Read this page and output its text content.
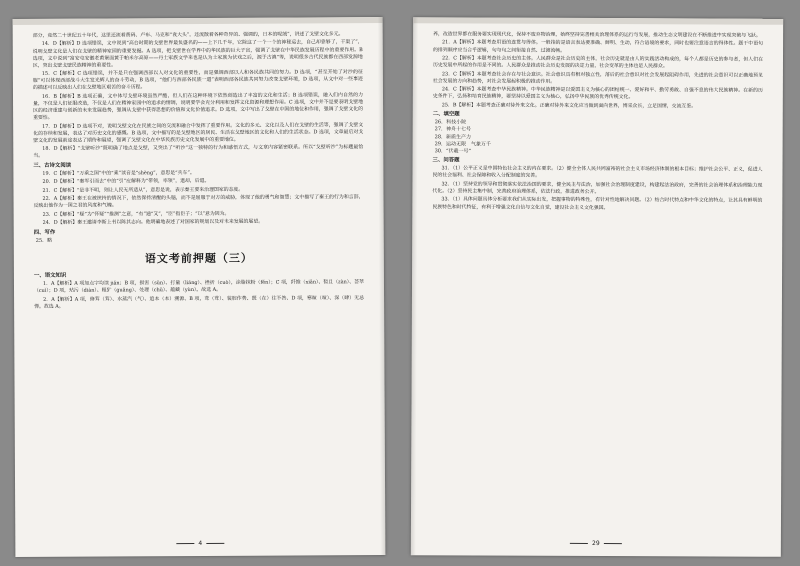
部分，竟然二十世纪五十年代，这里还流着黄码、卢布、马克和“袁大头”，还流散着各种奇异的、强调的，日本的呢绒”，讲述了戈壁文化多元。

14．D【解析】D 选项错误，文中说到“高台时期的戈壁世界最负盛名的——上下几千年，它除这了一个一个的神秘运去，自己却靠够了，干渠了”，说明戈壁文化是人们在戈壁的精神家园的重要发掘。A 选项，把戈壁世在学界中的华民族的巨大子宫，强调了戈壁在中华民族发展历程中的重要作用。B 选项，文中说到“富安屯安徽老黄堡面黄于帕米尔高原——丹土家族文学来也是认为土家族为伏戏之后，源于古滇”等，说明很多古代民族都在西部发源地区，突出戈壁戈壁民族精神的重要性。

15．C【解析】C 选项错误，并不是只在强调西部以人对文化的重要性，而是强调西部以人和各民族共同的努力。D 选项，“甚至开始了对沙的征服”可以体现西部战斗大生发光辉人的奋斗劳动，B 选项，“他们与西部各民族一道”表明西部各民族共同努力改变戈壁环境，D 选项，从文中对一些事迹的描述可以反映出人们在戈壁地区艰苦的奋斗历程。

16．B【解析】B 选项正确，文中体写戈壁环境虽然严酷，但人们在这种环境下依然创造出了丰富的文化和生活；B 选项错误，融入们内自然的力量，不仅是人们征服改造，不仅是人们在精神家园中的追求的情调，说明要学会充分利用和发挥文化资源和理想作用。C 选项，文中并不是要表明戈壁地区的经济重建与创新的未来发展趋势，强调从戈壁中获得思想的价值和文化价值追求。D 选项，文中写出了戈壁在中国的地位和作用，强调了戈壁文化的重要性。

17．D【解析】D 选项不对，说明戈壁文化在民族之间的交流和融合中发挥了重要作用。文化的多元、文化以及人们在戈壁的生活等，强调了戈壁文化的存续和发展，表达了对历史文化的感慨。B 选项，文中描写的是戈壁地区的居民、生活在戈壁地区的文化和人们的生活状态。D 选项，文章最后对戈壁文化的发展前途表达了期待和展望，强调了戈壁文化在中华民族历史文化发展中的重要地位。

18．D【解析】“戈壁听沙”既明确了地点是戈壁，又突出了“听沙”这一独特的行为和感悟方式，与文章内容紧密联系。所以“戈壁听沙”为标题最恰当。

三、古诗文阅读

19．C【解析】“万乘之国”中的“乘”读音是“shèng”，意思是“兵车”。

20．D【解析】“秦军引而去”中的“引”应解释为“带领，率领”，退却，后退。

21．C【解析】“是非不明，则让人民无所适从”，意思是说，表示秦王要来治理国家的态度。

22．A【解析】秦王在被挟持的情况下，依然保持清醒的头脑，而不是屈服于对方的威胁，体现了他的勇气和智慧；文中描写了秦王的行为和言辞，反映出他作为一国之君的风度和气魄。

23．C【解析】“疑”为“怀疑”“推测”之意，“有”通“又”，“臣”指臣子；“以”意为因为。

24．D【解析】秦王邀请李斯上书以陈其志向。他明确地表述了对国家的规划以及对未来发展的展望。

四、写作
25．略
语文考前押题（三）
一、语文知识

1．A【解析】A 项加点字均读 jiǎn；B 项，损害（sǔn）、打量（liáng）、挫折（cuò），涂脂抹粉（fěn）；C 项，纤维（xiān）、暂且（zàn）、荟萃（cuì）；D 项，玷污（diàn）、粗犷（guǎng）、处理（chǔ）、蕴藏（yùn）。故选 A。

2．A【解析】A 项，修茸（茸）、水蒸汽（气）、追本（本）溯源、B 项，茸（茸）、装腔作势、既（在）往不咎、D 项，寒暄（喧）、深（肆）无忌惮。故选 A。

4

养，改造世界都在服务要实现现代化，保持不废弃物治理，始终坚持完善相关治理体系的运行与发展，推动生态文明建设在不断推进中实现突破与飞跃。

21．A【解析】本题考查用语的连贯与得体。一般指的是语言表达要准确、鲜明、生动，符合语境的要求，同时也要注意语言的得体性。题干中语句的排列顺序应当合乎逻辑，句与句之间衔接自然、过渡流畅。

22．C【解析】本题考查社会历史的主体。人民群众是社会历史的主体，社会历史就是由人的实践活动构成的，每个人都是历史的参与者，但人们在历史发展中所起的作用是不同的。人民群众是推动社会历史发展的决定力量，社会变革的主体也是人民群众。

23．C【解析】本题考查社会存在与社会意识。社会意识具有相对独立性，落后的社会意识对社会发展起阻碍作用，先进的社会意识可以正确地预见社会发展的方向和趋势，对社会发展起积极的推动作用。

24．C【解析】本题考查中华民族精神。中华民族精神是以爱国主义为核心的团结统一、爱好和平、勤劳勇敢、自强不息的伟大民族精神。在新的历史条件下，弘扬和培育民族精神，要坚持以爱国主义为核心，弘扬中华民族的优秀传统文化。

25．B【解析】本题考查正确对待外来文化。正确对待外来文化应当做到面向世界，博采众长，立足国情，交流互鉴。

二、填空题
26．科技小院
27．神舟十七号
28．新质生产力
29．运动无限　气象万千
30．“伏羲一号”
三、问答题

31．（1）公平正义是中国特色社会主义的内在要求。（2）健全全体人民共同富裕的社会主义市场经济体制的根本目标；维护社会公平、正义，促进人民的社会福利、社会保障和收入分配制度的完善。

32．（1）坚持党的领导和贯彻落实依法治国的要求，健全民主与法治，加强社会治理制度建设，构建起法治政府，完善的社会治理体系和治理能力现代化。（2）坚持民主集中制，完善政府治理体系，依法行政，推进政务公开。

33．（1）具体问题具体分析要求我们从实际出发，把握事物的特殊性，有针对性地解决问题。（2）结合时代特点和中华文化的特点，让其具有鲜明的民族特色和时代特征，有利于增强文化自信与文化自觉，建设社会主义文化强国。

29
